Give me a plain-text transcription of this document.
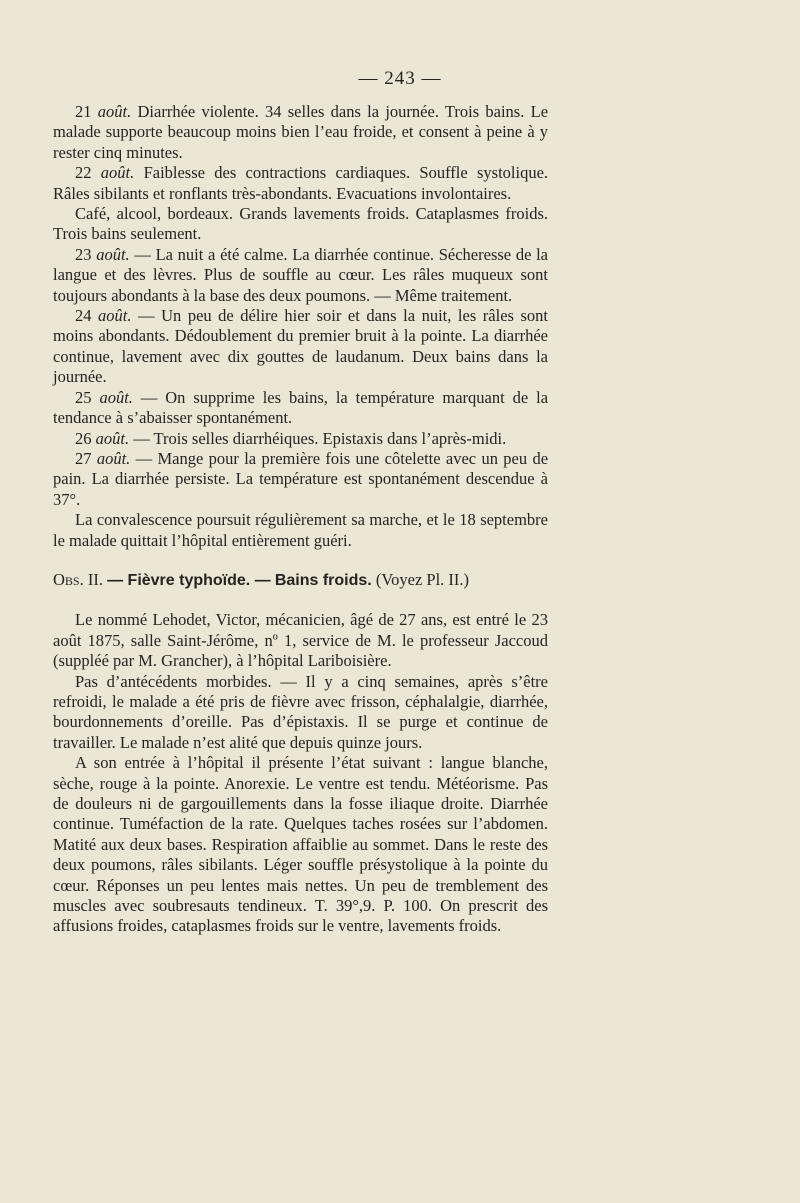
— 243 —

21 août. Diarrhée violente. 34 selles dans la journée. Trois bains. Le malade supporte beaucoup moins bien l’eau froide, et consent à peine à y rester cinq minutes.

22 août. Faiblesse des contractions cardiaques. Souffle systolique. Râles sibilants et ronflants très-abondants. Evacuations involontaires.

Café, alcool, bordeaux. Grands lavements froids. Cataplasmes froids. Trois bains seulement.

23 août. — La nuit a été calme. La diarrhée continue. Sécheresse de la langue et des lèvres. Plus de souffle au cœur. Les râles muqueux sont toujours abondants à la base des deux poumons. — Même traitement.

24 août. — Un peu de délire hier soir et dans la nuit, les râles sont moins abondants. Dédoublement du premier bruit à la pointe. La diarrhée continue, lavement avec dix gouttes de laudanum. Deux bains dans la journée.

25 août. — On supprime les bains, la température marquant de la tendance à s’abaisser spontanément.

26 août. — Trois selles diarrhéiques. Epistaxis dans l’après-midi.

27 août. — Mange pour la première fois une côtelette avec un peu de pain. La diarrhée persiste. La température est spontanément descendue à 37°.

La convalescence poursuit régulièrement sa marche, et le 18 septembre le malade quittait l’hôpital entièrement guéri.

Obs. II. — Fièvre typhoïde. — Bains froids. (Voyez Pl. II.)

Le nommé Lehodet, Victor, mécanicien, âgé de 27 ans, est entré le 23 août 1875, salle Saint-Jérôme, nº 1, service de M. le professeur Jaccoud (suppléé par M. Grancher), à l’hôpital Lariboisière.

Pas d’antécédents morbides. — Il y a cinq semaines, après s’être refroidi, le malade a été pris de fièvre avec frisson, céphalalgie, diarrhée, bourdonnements d’oreille. Pas d’épistaxis. Il se purge et continue de travailler. Le malade n’est alité que depuis quinze jours.

A son entrée à l’hôpital il présente l’état suivant : langue blanche, sèche, rouge à la pointe. Anorexie. Le ventre est tendu. Météorisme. Pas de douleurs ni de gargouillements dans la fosse iliaque droite. Diarrhée continue. Tuméfaction de la rate. Quelques taches rosées sur l’abdomen. Matité aux deux bases. Respiration affaiblie au sommet. Dans le reste des deux poumons, râles sibilants. Léger souffle présystolique à la pointe du cœur. Réponses un peu lentes mais nettes. Un peu de tremblement des muscles avec soubresauts tendineux. T. 39°,9. P. 100. On prescrit des affusions froides, cataplasmes froids sur le ventre, lavements froids.
